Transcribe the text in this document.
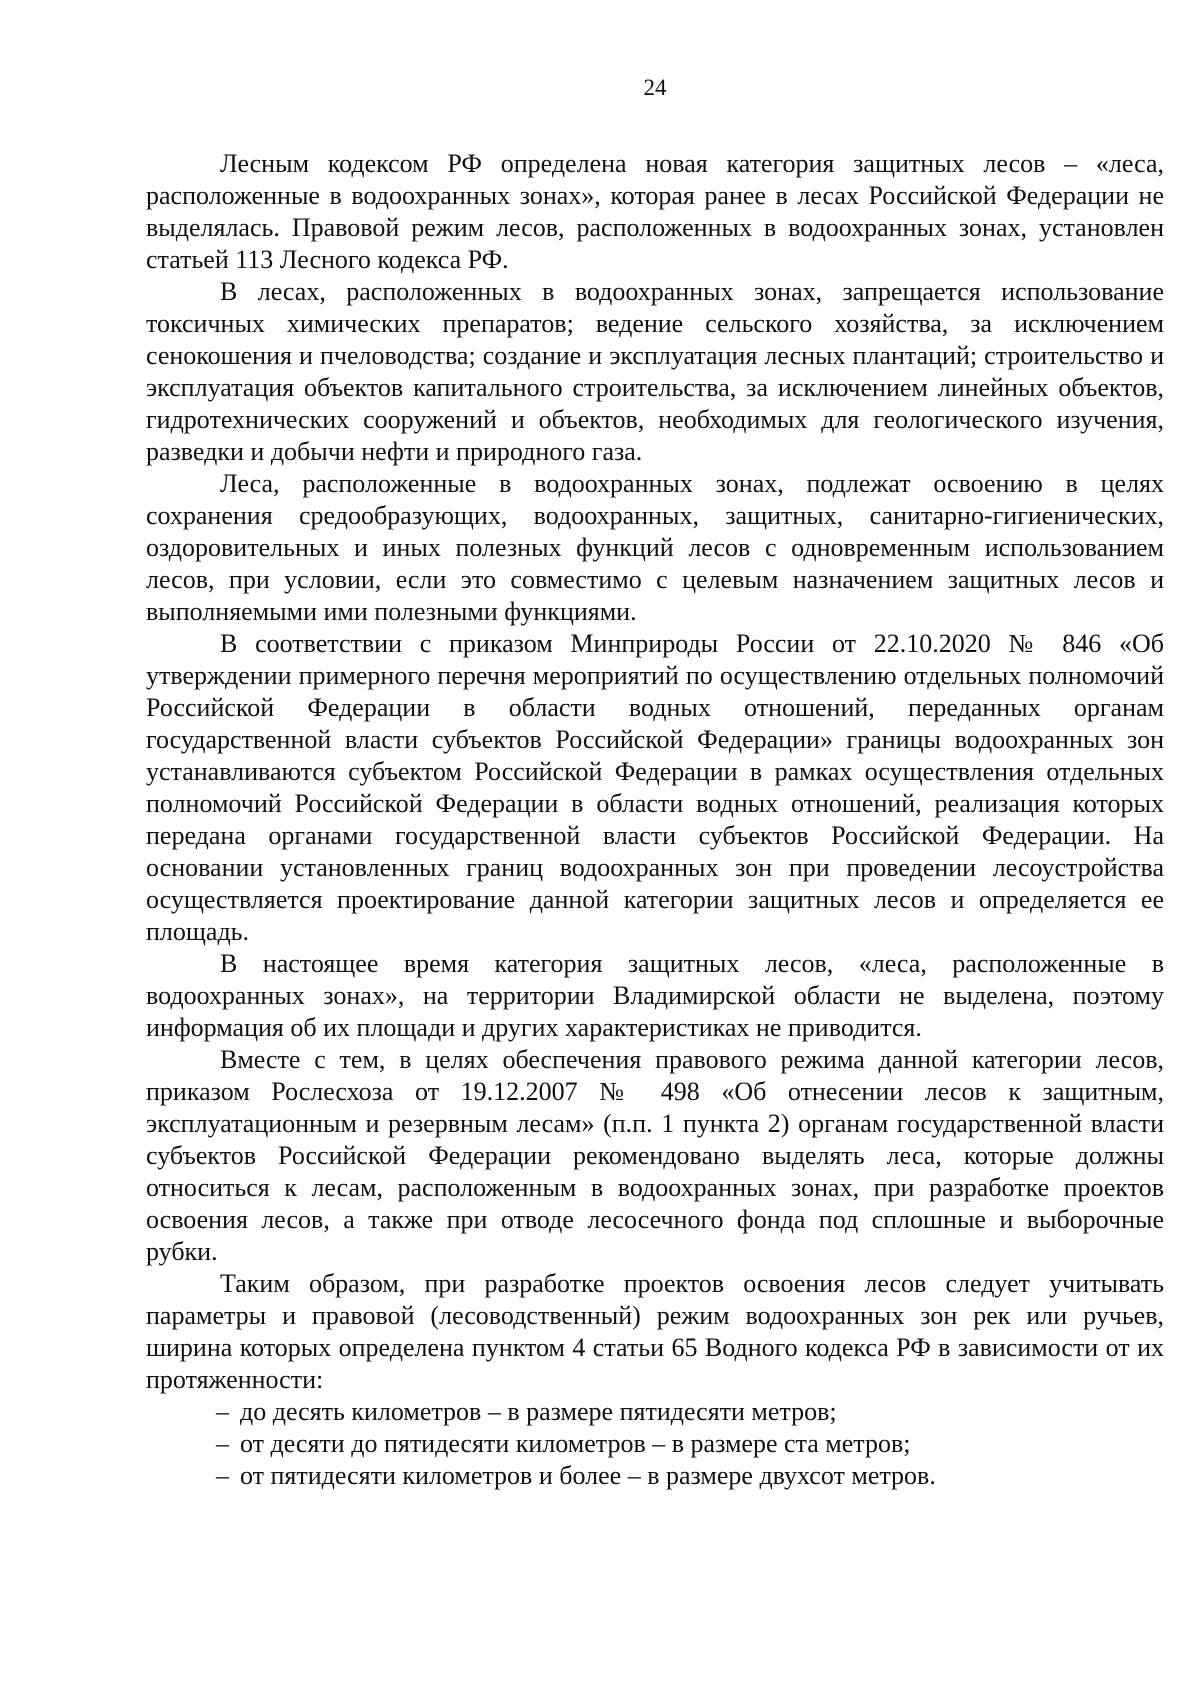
24

Лесным кодексом РФ определена новая категория защитных лесов – «леса, расположенные в водоохранных зонах», которая ранее в лесах Российской Федерации не выделялась. Правовой режим лесов, расположенных в водоохранных зонах, установлен статьей 113 Лесного кодекса РФ.

В лесах, расположенных в водоохранных зонах, запрещается использование токсичных химических препаратов; ведение сельского хозяйства, за исключением сенокошения и пчеловодства; создание и эксплуатация лесных плантаций; строительство и эксплуатация объектов капитального строительства, за исключением линейных объектов, гидротехнических сооружений и объектов, необходимых для геологического изучения, разведки и добычи нефти и природного газа.

Леса, расположенные в водоохранных зонах, подлежат освоению в целях сохранения средообразующих, водоохранных, защитных, санитарно-гигиенических, оздоровительных и иных полезных функций лесов с одновременным использованием лесов, при условии, если это совместимо с целевым назначением защитных лесов и выполняемыми ими полезными функциями.

В соответствии с приказом Минприроды России от 22.10.2020 № 846 «Об утверждении примерного перечня мероприятий по осуществлению отдельных полномочий Российской Федерации в области водных отношений, переданных органам государственной власти субъектов Российской Федерации» границы водоохранных зон устанавливаются субъектом Российской Федерации в рамках осуществления отдельных полномочий Российской Федерации в области водных отношений, реализация которых передана органами государственной власти субъектов Российской Федерации. На основании установленных границ водоохранных зон при проведении лесоустройства осуществляется проектирование данной категории защитных лесов и определяется ее площадь.

В настоящее время категория защитных лесов, «леса, расположенные в водоохранных зонах», на территории Владимирской области не выделена, поэтому информация об их площади и других характеристиках не приводится.

Вместе с тем, в целях обеспечения правового режима данной категории лесов, приказом Рослесхоза от 19.12.2007 № 498 «Об отнесении лесов к защитным, эксплуатационным и резервным лесам» (п.п. 1 пункта 2) органам государственной власти субъектов Российской Федерации рекомендовано выделять леса, которые должны относиться к лесам, расположенным в водоохранных зонах, при разработке проектов освоения лесов, а также при отводе лесосечного фонда под сплошные и выборочные рубки.

Таким образом, при разработке проектов освоения лесов следует учитывать параметры и правовой (лесоводственный) режим водоохранных зон рек или ручьев, ширина которых определена пунктом 4 статьи 65 Водного кодекса РФ в зависимости от их протяженности:

– до десять километров – в размере пятидесяти метров;
– от десяти до пятидесяти километров – в размере ста метров;
– от пятидесяти километров и более – в размере двухсот метров.
